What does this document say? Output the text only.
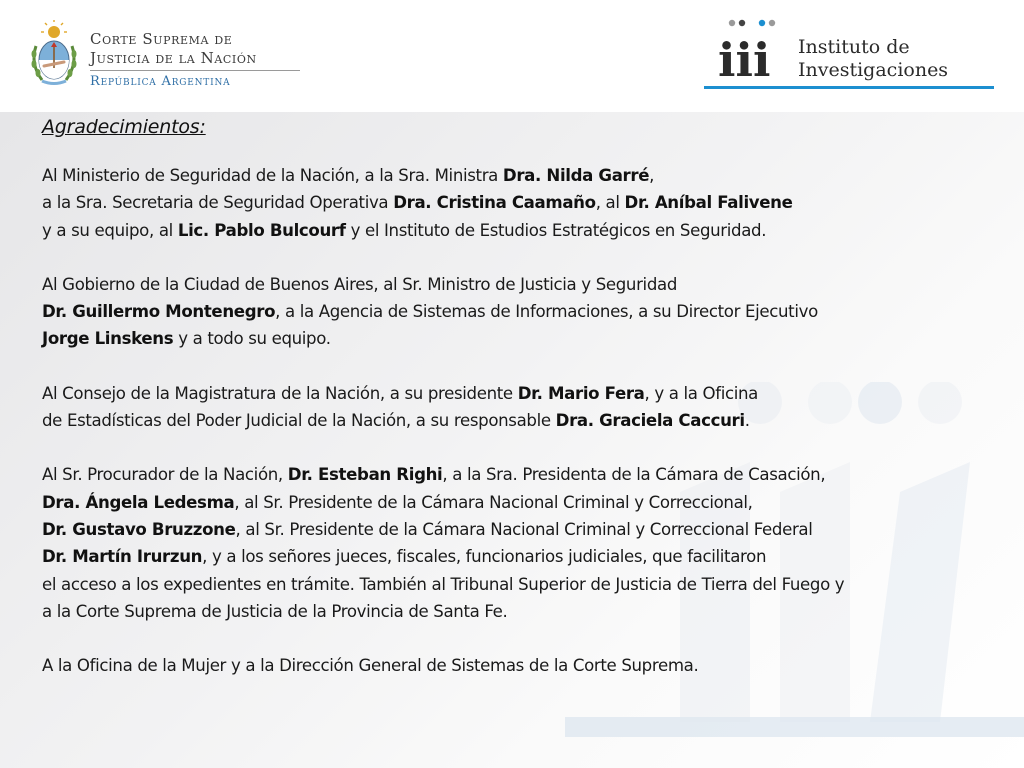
Corte Suprema de
Justicia de la Nación
República Argentina	iii Instituto de
Investigaciones
Agradecimientos:
Al Ministerio de Seguridad de la Nación, a la Sra. Ministra Dra. Nilda Garré,
a la Sra. Secretaria de Seguridad Operativa Dra. Cristina Caamaño, al Dr. Aníbal Falivene
y a su equipo, al Lic. Pablo Bulcourf y el Instituto de Estudios Estratégicos en Seguridad.
Al Gobierno de la Ciudad de Buenos Aires, al Sr. Ministro de Justicia y Seguridad
Dr. Guillermo Montenegro, a la Agencia de Sistemas de Informaciones, a su Director Ejecutivo
Jorge Linskens y a todo su equipo.
Al Consejo de la Magistratura de la Nación, a su presidente Dr. Mario Fera, y a la Oficina
de Estadísticas del Poder Judicial de la Nación, a su responsable Dra. Graciela Caccuri.
Al Sr. Procurador de la Nación, Dr. Esteban Righi, a la Sra. Presidenta de la Cámara de Casación,
Dra. Ángela Ledesma, al Sr. Presidente de la Cámara Nacional Criminal y Correccional,
Dr. Gustavo Bruzzone, al Sr. Presidente de la Cámara Nacional Criminal y Correccional Federal
Dr. Martín Irurzun, y a los señores jueces, fiscales, funcionarios judiciales, que facilitaron
el acceso a los expedientes en trámite. También al Tribunal Superior de Justicia de Tierra del Fuego y
a la Corte Suprema de Justicia de la Provincia de Santa Fe.
A la Oficina de la Mujer y a la Dirección General de Sistemas de la Corte Suprema.
